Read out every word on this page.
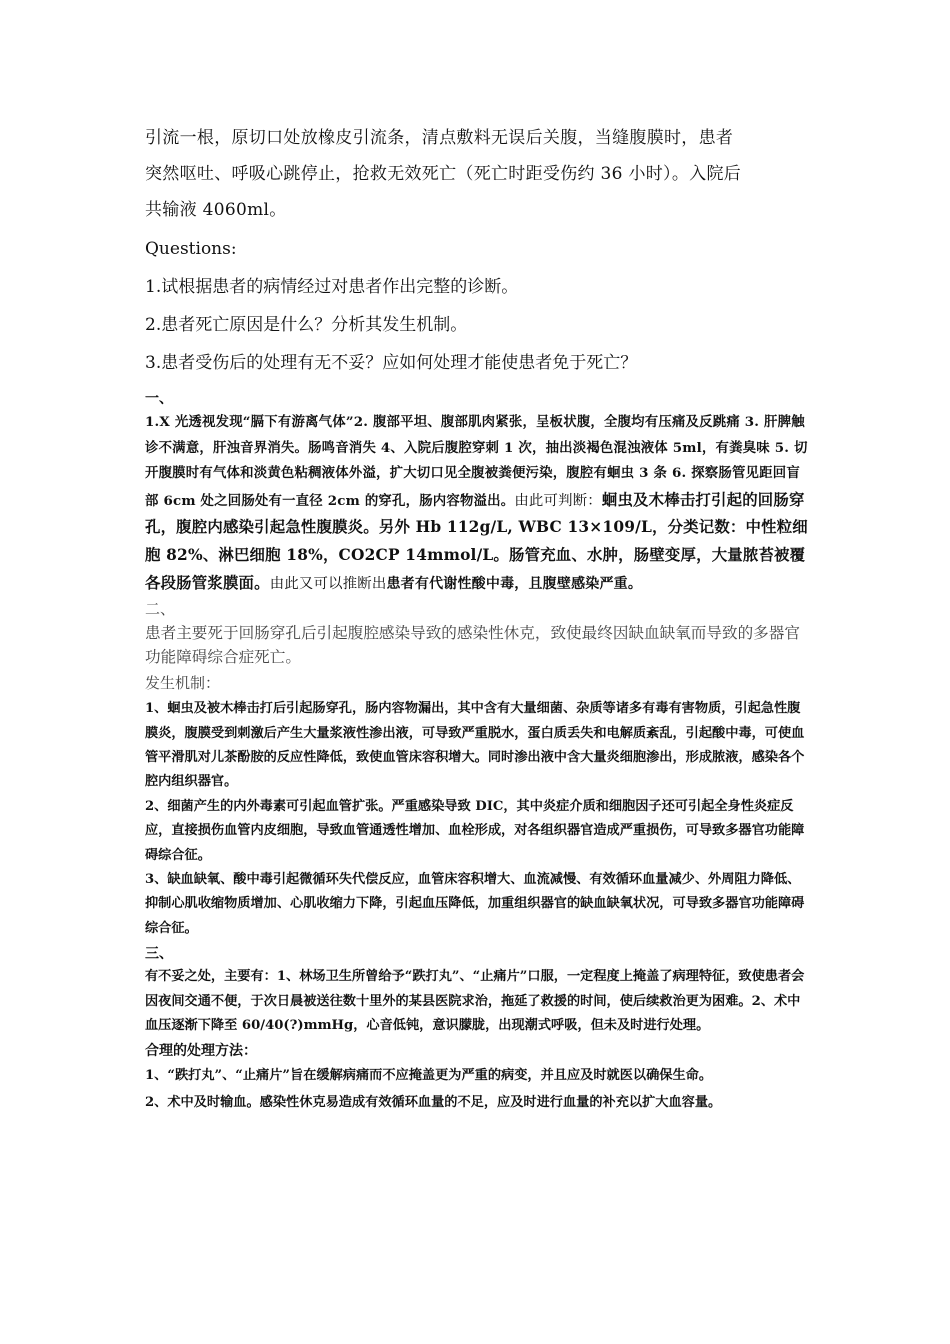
引流一根，原切口处放橡皮引流条，清点敷料无误后关腹，当缝腹膜时，患者

突然呕吐、呼吸心跳停止，抢救无效死亡（死亡时距受伤约 36 小时）。入院后

共输液 4060ml。

Questions:

1.试根据患者的病情经过对患者作出完整的诊断。

2.患者死亡原因是什么？分析其发生机制。

3.患者受伤后的处理有无不妥？应如何处理才能使患者免于死亡？

一、

1.X 光透视发现“膈下有游离气体”2. 腹部平坦、腹部肌肉紧张，呈板状腹，全腹均有压痛及反跳痛 3. 肝脾触诊不满意，肝浊音界消失。肠鸣音消失 4、入院后腹腔穿刺 1 次，抽出淡褐色混浊液体 5ml，有粪臭味 5. 切开腹膜时有气体和淡黄色粘稠液体外溢，扩大切口见全腹被粪便污染，腹腔有蛔虫 3 条 6. 探察肠管见距回盲部 6cm 处之回肠处有一直径 2cm 的穿孔，肠内容物溢出。由此可判断：蛔虫及木棒击打引起的回肠穿孔，腹腔内感染引起急性腹膜炎。另外 Hb 112g/L, WBC 13×109/L，分类记数：中性粒细胞 82%、淋巴细胞 18%，CO2CP 14mmol/L。肠管充血、水肿，肠壁变厚，大量脓苔被覆各段肠管浆膜面。由此又可以推断出患者有代谢性酸中毒，且腹壁感染严重。

二、

患者主要死于回肠穿孔后引起腹腔感染导致的感染性休克，致使最终因缺血缺氧而导致的多器官功能障碍综合症死亡。

发生机制：

1、蛔虫及被木棒击打后引起肠穿孔，肠内容物漏出，其中含有大量细菌、杂质等诸多有毒有害物质，引起急性腹膜炎，腹膜受到刺激后产生大量浆液性渗出液，可导致严重脱水，蛋白质丢失和电解质紊乱，引起酸中毒，可使血管平滑肌对儿茶酚胺的反应性降低，致使血管床容积增大。同时渗出液中含大量炎细胞渗出，形成脓液，感染各个腔内组织器官。

2、细菌产生的内外毒素可引起血管扩张。严重感染导致 DIC，其中炎症介质和细胞因子还可引起全身性炎症反应，直接损伤血管内皮细胞，导致血管通透性增加、血栓形成，对各组织器官造成严重损伤，可导致多器官功能障碍综合征。

3、缺血缺氧、酸中毒引起微循环失代偿反应，血管床容积增大、血流减慢、有效循环血量减少、外周阻力降低、抑制心肌收缩物质增加、心肌收缩力下降，引起血压降低，加重组织器官的缺血缺氧状况，可导致多器官功能障碍综合征。

三、

有不妥之处，主要有：1、林场卫生所曾给予“跌打丸”、“止痛片”口服，一定程度上掩盖了病理特征，致使患者会因夜间交通不便，于次日晨被送往数十里外的某县医院求治，拖延了救援的时间，使后续救治更为困难。2、术中血压逐渐下降至 60/40(?)mmHg，心音低钝，意识朦胧，出现潮式呼吸，但未及时进行处理。

合理的处理方法：

1、“跌打丸”、“止痛片”旨在缓解病痛而不应掩盖更为严重的病变，并且应及时就医以确保生命。

2、术中及时输血。感染性休克易造成有效循环血量的不足，应及时进行血量的补充以扩大血容量。
